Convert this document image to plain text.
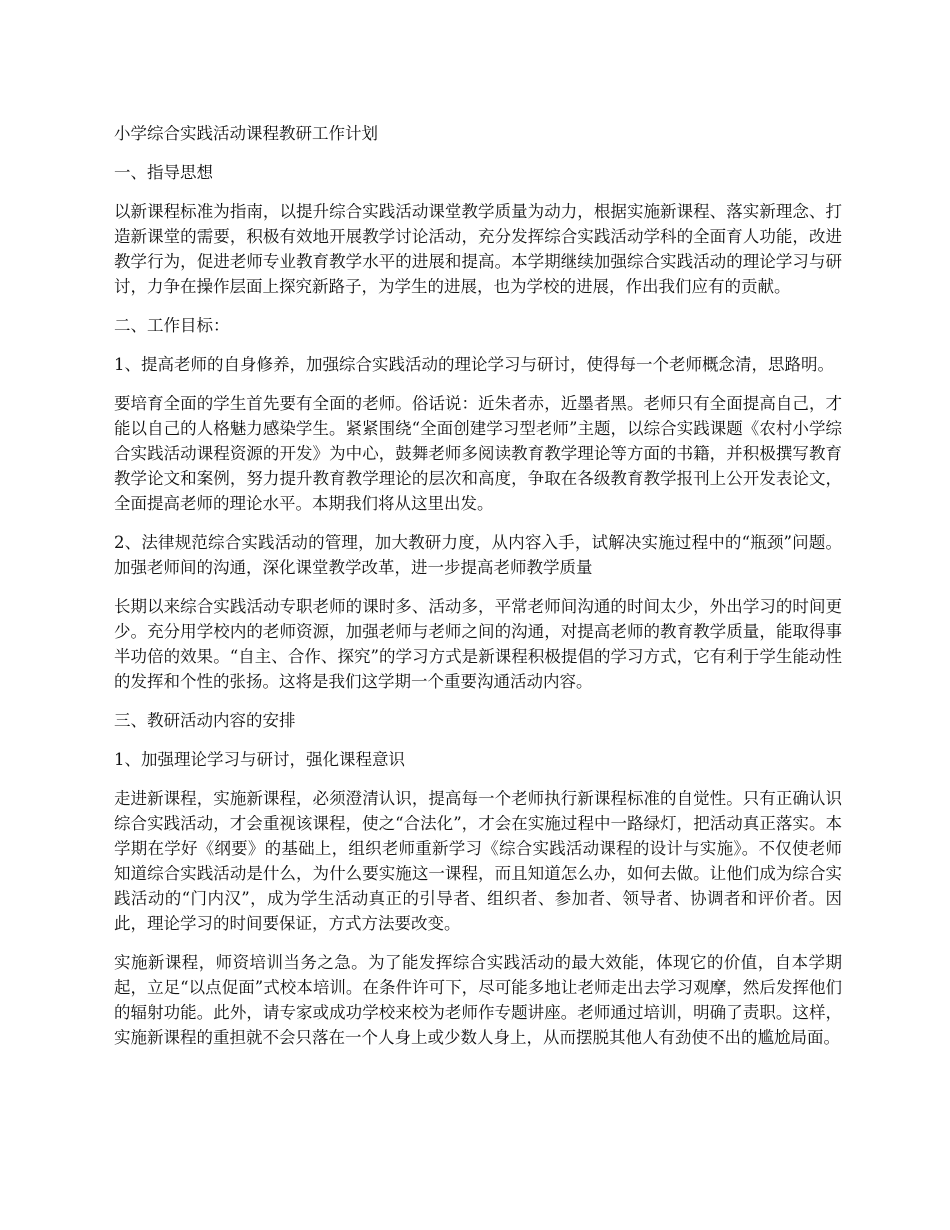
小学综合实践活动课程教研工作计划
一、指导思想
以新课程标准为指南，以提升综合实践活动课堂教学质量为动力，根据实施新课程、落实新理念、打造新课堂的需要，积极有效地开展教学讨论活动，充分发挥综合实践活动学科的全面育人功能，改进教学行为，促进老师专业教育教学水平的进展和提高。本学期继续加强综合实践活动的理论学习与研讨，力争在操作层面上探究新路子，为学生的进展，也为学校的进展，作出我们应有的贡献。
二、工作目标：
1、提高老师的自身修养，加强综合实践活动的理论学习与研讨，使得每一个老师概念清，思路明。
要培育全面的学生首先要有全面的老师。俗话说：近朱者赤，近墨者黑。老师只有全面提高自己，才能以自己的人格魅力感染学生。紧紧围绕“全面创建学习型老师”主题，以综合实践课题《农村小学综合实践活动课程资源的开发》为中心，鼓舞老师多阅读教育教学理论等方面的书籍，并积极撰写教育教学论文和案例，努力提升教育教学理论的层次和高度，争取在各级教育教学报刊上公开发表论文，全面提高老师的理论水平。本期我们将从这里出发。
2、法律规范综合实践活动的管理，加大教研力度，从内容入手，试解决实施过程中的“瓶颈”问题。加强老师间的沟通，深化课堂教学改革，进一步提高老师教学质量
长期以来综合实践活动专职老师的课时多、活动多，平常老师间沟通的时间太少，外出学习的时间更少。充分用学校内的老师资源，加强老师与老师之间的沟通，对提高老师的教育教学质量，能取得事半功倍的效果。“自主、合作、探究”的学习方式是新课程积极提倡的学习方式，它有利于学生能动性的发挥和个性的张扬。这将是我们这学期一个重要沟通活动内容。
三、教研活动内容的安排
1、加强理论学习与研讨，强化课程意识
走进新课程，实施新课程，必须澄清认识，提高每一个老师执行新课程标准的自觉性。只有正确认识综合实践活动，才会重视该课程，使之“合法化”，才会在实施过程中一路绿灯，把活动真正落实。本学期在学好《纲要》的基础上，组织老师重新学习《综合实践活动课程的设计与实施》。不仅使老师知道综合实践活动是什么，为什么要实施这一课程，而且知道怎么办，如何去做。让他们成为综合实践活动的“门内汉”，成为学生活动真正的引导者、组织者、参加者、领导者、协调者和评价者。因此，理论学习的时间要保证，方式方法要改变。
实施新课程，师资培训当务之急。为了能发挥综合实践活动的最大效能，体现它的价值，自本学期起，立足“以点促面”式校本培训。在条件许可下，尽可能多地让老师走出去学习观摩，然后发挥他们的辐射功能。此外，请专家或成功学校来校为老师作专题讲座。老师通过培训，明确了责职。这样，实施新课程的重担就不会只落在一个人身上或少数人身上，从而摆脱其他人有劲使不出的尴尬局面。
